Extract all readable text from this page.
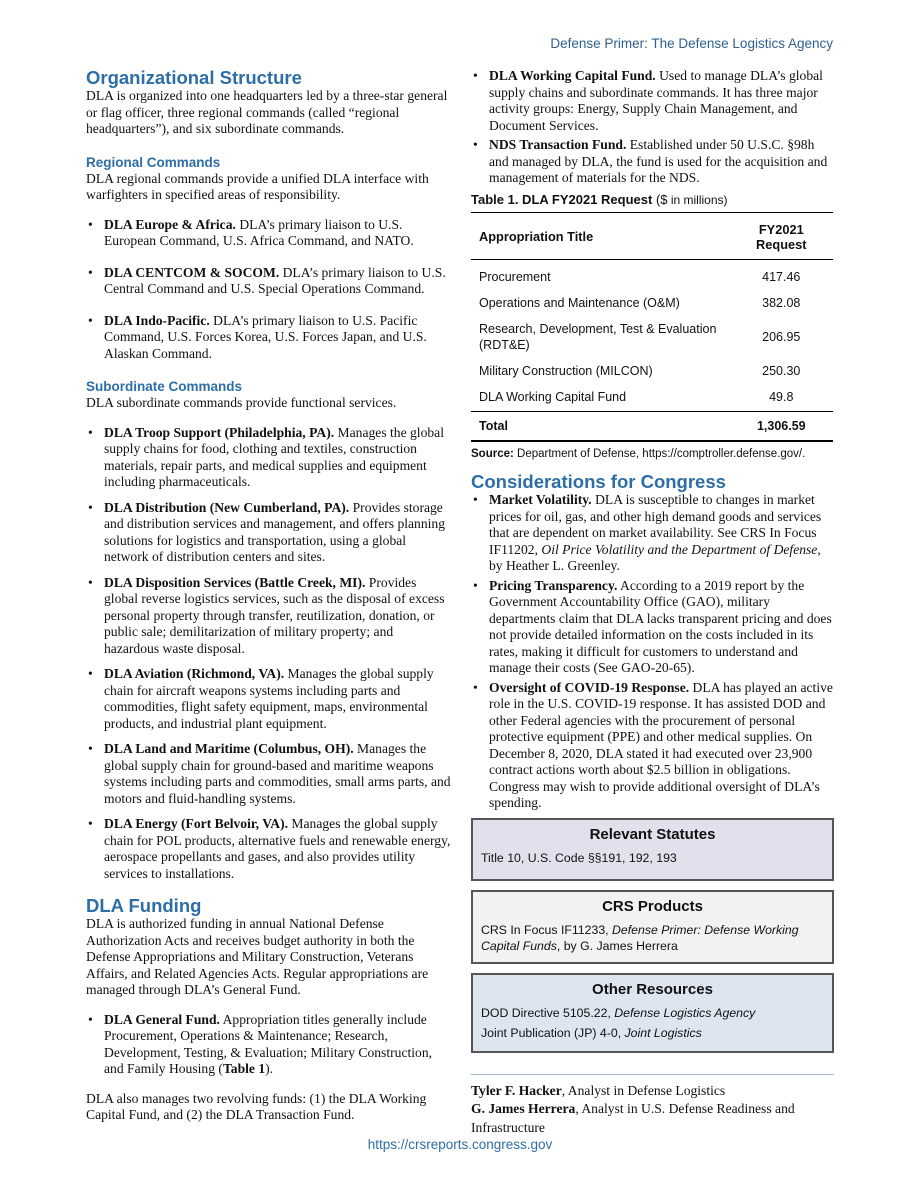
Defense Primer: The Defense Logistics Agency
Organizational Structure

DLA is organized into one headquarters led by a three-star general or flag officer, three regional commands (called “regional headquarters”), and six subordinate commands.

Regional Commands

DLA regional commands provide a unified DLA interface with warfighters in specified areas of responsibility.

• DLA Europe & Africa. DLA’s primary liaison to U.S. European Command, U.S. Africa Command, and NATO.
• DLA CENTCOM & SOCOM. DLA’s primary liaison to U.S. Central Command and U.S. Special Operations Command.
• DLA Indo-Pacific. DLA’s primary liaison to U.S. Pacific Command, U.S. Forces Korea, U.S. Forces Japan, and U.S. Alaskan Command.
Subordinate Commands

DLA subordinate commands provide functional services.

• DLA Troop Support (Philadelphia, PA). Manages the global supply chains for food, clothing and textiles, construction materials, repair parts, and medical supplies and equipment including pharmaceuticals.
• DLA Distribution (New Cumberland, PA). Provides storage and distribution services and management, and offers planning solutions for logistics and transportation, using a global network of distribution centers and sites.
• DLA Disposition Services (Battle Creek, MI). Provides global reverse logistics services, such as the disposal of excess personal property through transfer, reutilization, donation, or public sale; demilitarization of military property; and hazardous waste disposal.
• DLA Aviation (Richmond, VA). Manages the global supply chain for aircraft weapons systems including parts and commodities, flight safety equipment, maps, environmental products, and industrial plant equipment.
• DLA Land and Maritime (Columbus, OH). Manages the global supply chain for ground-based and maritime weapons systems including parts and commodities, small arms parts, and motors and fluid-handling systems.
• DLA Energy (Fort Belvoir, VA). Manages the global supply chain for POL products, alternative fuels and renewable energy, aerospace propellants and gases, and also provides utility services to installations.
DLA Funding

DLA is authorized funding in annual National Defense Authorization Acts and receives budget authority in both the Defense Appropriations and Military Construction, Veterans Affairs, and Related Agencies Acts. Regular appropriations are managed through DLA’s General Fund.

• DLA General Fund. Appropriation titles generally include Procurement, Operations & Maintenance; Research, Development, Testing, & Evaluation; Military Construction, and Family Housing (Table 1).

DLA also manages two revolving funds: (1) the DLA Working Capital Fund, and (2) the DLA Transaction Fund.

• DLA Working Capital Fund. Used to manage DLA’s global supply chains and subordinate commands. It has three major activity groups: Energy, Supply Chain Management, and Document Services.
• NDS Transaction Fund. Established under 50 U.S.C. §98h and managed by DLA, the fund is used for the acquisition and management of materials for the NDS.
Table 1. DLA FY2021 Request ($ in millions)
Appropriation Title	FY2021 Request
Procurement	417.46
Operations and Maintenance (O&M)	382.08
Research, Development, Test & Evaluation (RDT&E)	206.95
Military Construction (MILCON)	250.30
DLA Working Capital Fund	49.8
Total	1,306.59
Source: Department of Defense, https://comptroller.defense.gov/.
Considerations for Congress
• Market Volatility. DLA is susceptible to changes in market prices for oil, gas, and other high demand goods and services that are dependent on market availability. See CRS In Focus IF11202, Oil Price Volatility and the Department of Defense, by Heather L. Greenley.
• Pricing Transparency. According to a 2019 report by the Government Accountability Office (GAO), military departments claim that DLA lacks transparent pricing and does not provide detailed information on the costs included in its rates, making it difficult for customers to understand and manage their costs (See GAO-20-65).
• Oversight of COVID-19 Response. DLA has played an active role in the U.S. COVID-19 response. It has assisted DOD and other Federal agencies with the procurement of personal protective equipment (PPE) and other medical supplies. On December 8, 2020, DLA stated it had executed over 23,900 contract actions worth about $2.5 billion in obligations. Congress may wish to provide additional oversight of DLA’s spending.
Relevant Statutes

Title 10, U.S. Code §§191, 192, 193

CRS Products

CRS In Focus IF11233, Defense Primer: Defense Working Capital Funds, by G. James Herrera

Other Resources

DOD Directive 5105.22, Defense Logistics Agency

Joint Publication (JP) 4-0, Joint Logistics

Tyler F. Hacker, Analyst in Defense Logistics
G. James Herrera, Analyst in U.S. Defense Readiness and Infrastructure
https://crsreports.congress.gov
